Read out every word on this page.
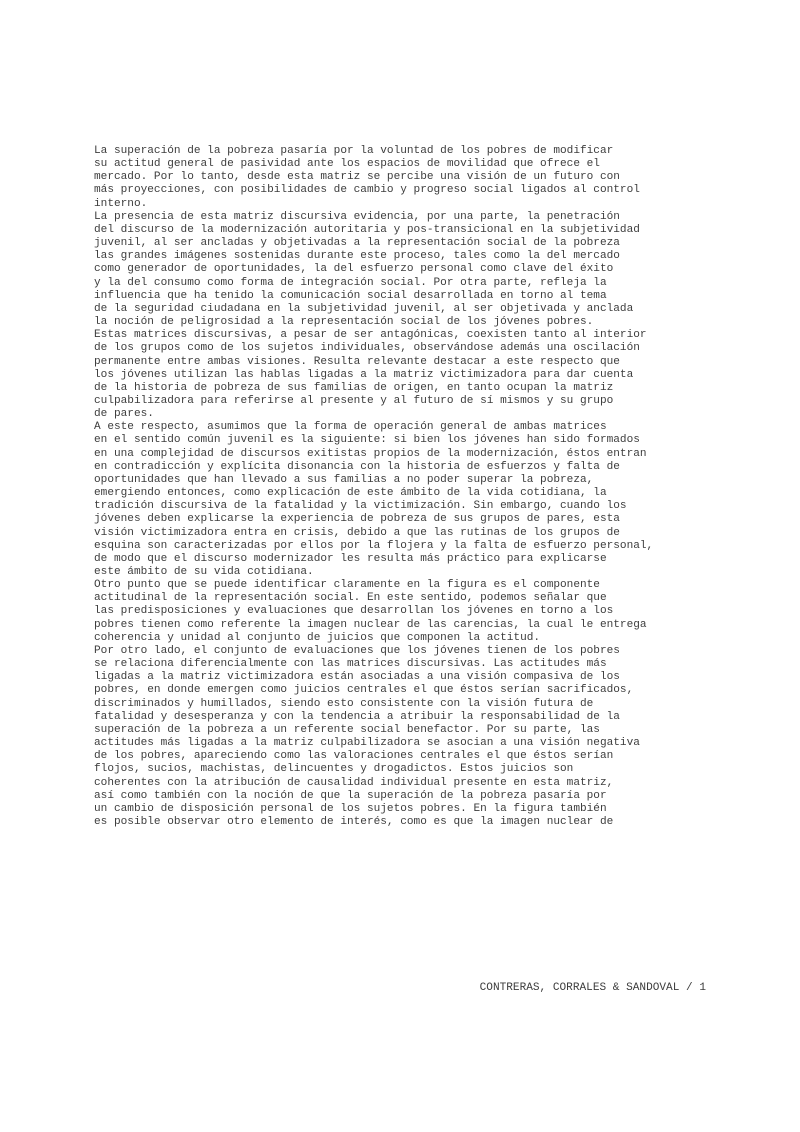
La superación de la pobreza pasaría por la voluntad de los pobres de modificar
su actitud general de pasividad ante los espacios de movilidad que ofrece el
mercado. Por lo tanto, desde esta matriz se percibe una visión de un futuro con
más proyecciones, con posibilidades de cambio y progreso social ligados al control
interno.

La presencia de esta matriz discursiva evidencia, por una parte, la penetración
del discurso de la modernización autoritaria y pos-transicional en la subjetividad
juvenil, al ser ancladas y objetivadas a la representación social de la pobreza
las grandes imágenes sostenidas durante este proceso, tales como la del mercado
como generador de oportunidades, la del esfuerzo personal como clave del éxito
y la del consumo como forma de integración social. Por otra parte, refleja la
influencia que ha tenido la comunicación social desarrollada en torno al tema
de la seguridad ciudadana en la subjetividad juvenil, al ser objetivada y anclada
la noción de peligrosidad a la representación social de los jóvenes pobres.

Estas matrices discursivas, a pesar de ser antagónicas, coexisten tanto al interior
de los grupos como de los sujetos individuales, observándose además una oscilación
permanente entre ambas visiones. Resulta relevante destacar a este respecto que
los jóvenes utilizan las hablas ligadas a la matriz victimizadora para dar cuenta
de la historia de pobreza de sus familias de origen, en tanto ocupan la matriz
culpabilizadora para referirse al presente y al futuro de sí mismos y su grupo
de pares.

A este respecto, asumimos que la forma de operación general de ambas matrices
en el sentido común juvenil es la siguiente: si bien los jóvenes han sido formados
en una complejidad de discursos exitistas propios de la modernización, éstos entran
en contradicción y explícita disonancia con la historia de esfuerzos y falta de
oportunidades que han llevado a sus familias a no poder superar la pobreza,
emergiendo entonces, como explicación de este ámbito de la vida cotidiana, la
tradición discursiva de la fatalidad y la victimización. Sin embargo, cuando los
jóvenes deben explicarse la experiencia de pobreza de sus grupos de pares, esta
visión victimizadora entra en crisis, debido a que las rutinas de los grupos de
esquina son caracterizadas por ellos por la flojera y la falta de esfuerzo personal,
de modo que el discurso modernizador les resulta más práctico para explicarse
este ámbito de su vida cotidiana.

Otro punto que se puede identificar claramente en la figura es el componente
actitudinal de la representación social. En este sentido, podemos señalar que
las predisposiciones y evaluaciones que desarrollan los jóvenes en torno a los
pobres tienen como referente la imagen nuclear de las carencias, la cual le entrega
coherencia y unidad al conjunto de juicios que componen la actitud.

Por otro lado, el conjunto de evaluaciones que los jóvenes tienen de los pobres
se relaciona diferencialmente con las matrices discursivas. Las actitudes más
ligadas a la matriz victimizadora están asociadas a una visión compasiva de los
pobres, en donde emergen como juicios centrales el que éstos serían sacrificados,
discriminados y humillados, siendo esto consistente con la visión futura de
fatalidad y desesperanza y con la tendencia a atribuir la responsabilidad de la
superación de la pobreza a un referente social benefactor. Por su parte, las
actitudes más ligadas a la matriz culpabilizadora se asocian a una visión negativa
de los pobres, apareciendo como las valoraciones centrales el que éstos serían
flojos, sucios, machistas, delincuentes y drogadictos. Estos juicios son
coherentes con la atribución de causalidad individual presente en esta matriz,
así como también con la noción de que la superación de la pobreza pasaría por
un cambio de disposición personal de los sujetos pobres. En la figura también
es posible observar otro elemento de interés, como es que la imagen nuclear de

CONTRERAS, CORRALES & SANDOVAL / 1
